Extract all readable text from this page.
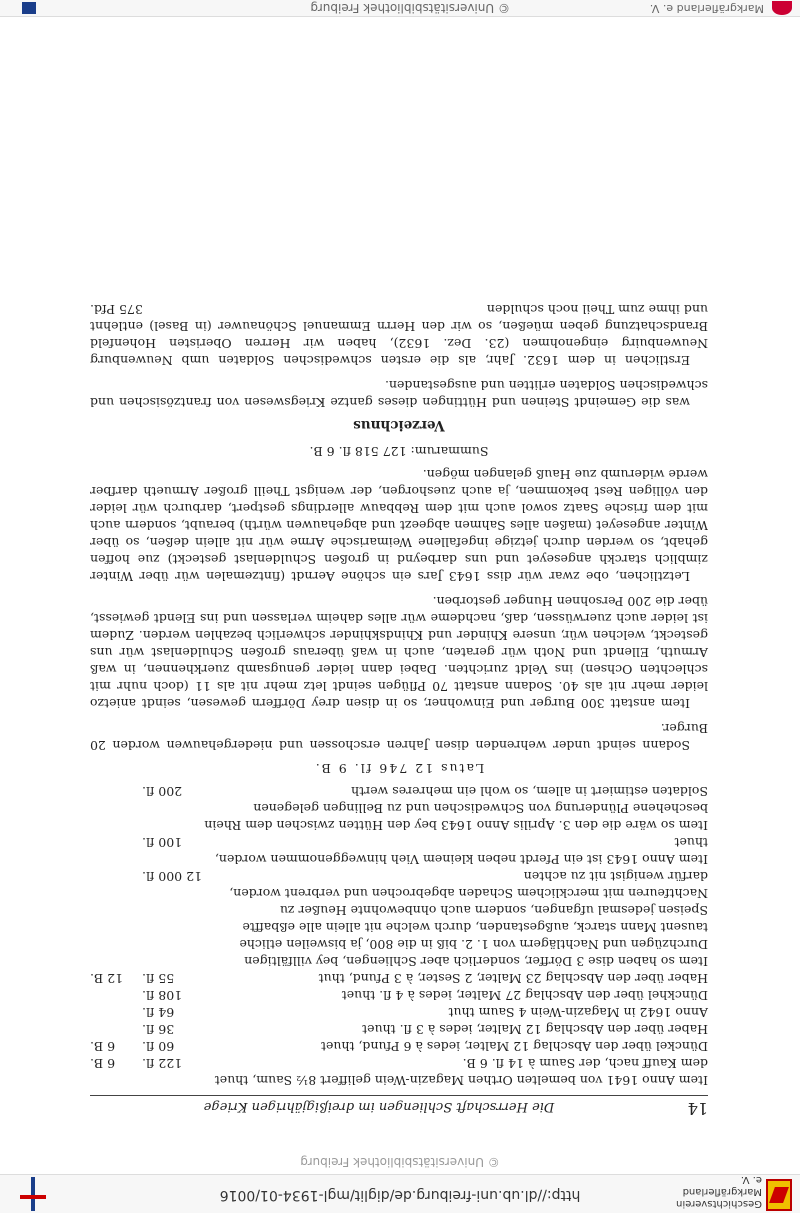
Geschichtsverein Markgräflerland e. V.
http://dl.ub.uni-freiburg.de/diglit/mgl-1934-01/0016
© Universitätsbibliothek Freiburg
14
Die Herrschaft Schliengen im dreißigjährigen Kriege
Item Anno 1641 von bemelten Orthen Magazin-Wein geliffert 8½ Saum, thuet dem Kauff nach, der Saum à 14 fl. 6 B.	122 fl.	6 B.
Dünckel über den Abschlag 12 Malter, iedes à 6 Pfund, thuet	60 fl.	6 B.
Haber über den Abschlag 12 Malter, iedes à 3 fl. thuet	36 fl.	
Anno 1642 in Magazin-Wein 4 Saum thut	64 fl.	
Dünckhel über den Abschlag 27 Malter, iedes à 4 fl. thuet	108 fl.	
Haber über den Abschlag 23 Malter, 2 Sester, à 3 Pfund, thut	55 fl.	12 B.
Item so haben dise 3 Dörffer, sonderlich aber Schliengen, bey villfältigen Durchzügen und Nachtlägern von 1. 2. biß in die 800, ja bisweilen etliche tausent Mann starck, außgestanden, durch welche nit allein alle eßbaffte Speisen jedesmal ufgangen, sondern auch ohnbewohnte Heußer zu Nachtfeuren mit mercklichem Schaden abgebrochen und verbrent worden, darfür wenigist nit zu achten	12 000 fl.	
Item Anno 1643 ist ein Pferdt neben kleinem Vieh hinweggenommen worden, thuet	100 fl.	
Item so wäre die den 3. Aprilis Anno 1643 bey den Hütten zwischen dem Rhein beschehene Plünderung von Schwedischen und zu Bellingen gelegenen Soldaten estimiert in allem, so wohl ein mehreres werth	200 fl.	
Latus 12 746 fl. 9 B.

Sodann seindt under wehrenden disen Jahren erschossen und niedergehauwen worden 20 Burger.

Item anstatt 300 Burger und Einwohner, so in disen drey Dörffern gewesen, seindt anietzo leider mehr nit als 40. Sodann anstatt 70 Pflügen seindt letz mehr nit als 11 (doch nuhr mit schlechten Ochsen) ins Veldt zurichten. Dabei dann leider genugsamb zuerkhennen, in waß Armuth, Ellendt und Noth wür geraten, auch in waß überaus großen Schuldenlast wür uns gesteckt, welchen wür, unsere Khinder und Khindskhinder schwerlich bezahlen werden. Zudem ist leider auch zuerwüssen, daß, nachdeme wür alles daheim verlassen und ins Elendt gewiesst, über die 200 Persohnen Hunger gestorben.

Letztlichen, obe zwar wür diss 1643 Jars ein schöne Aerndt (fintzemalen wür über Winter zimblich starckh angeseyet und uns darbeynd in großen Schuldenlast gesteckt) zue hoffen gehabt, so werden durch jetzige ingefallene Weimarische Arme wür nit allein deßen, so über Winter angeseyet (maßen alles Sahmen abgeezt und abgehauwen würth) beraubt, sondern auch mit dem frische Saatz sowol auch mit dem Rebbauw allerdings gestpert, darburch wür leider den völligen Rest bekommen, ja auch zueshorgen, der wenigst Theill großer Armueth darfber werde widerumb zue Hauß gelangen mögen.

Summarum: 127 518 fl. 6 B.
Verzeichnus

was die Gemeindt Steinen und Hüttingen dieses gantze Kriegswesen von frantzösischen und schwedischen Soldaten erlitten und ausgestanden.

Erstlichen in dem 1632. Jahr, als die ersten schwedischen Soldaten umb Neuwenburg Neuwenbuirg eingenohmen (23. Dez. 1632), haben wir Herren Oberisten Hohenfeld Brandschatzung geben müeßen, so wir den Herrn Emmanuel Schönauwer (in Basel) entlehnt und ihme zum Theil noch schulden
375 Pfd.

Markgräflerland e. V.
© Universitätsbibliothek Freiburg
